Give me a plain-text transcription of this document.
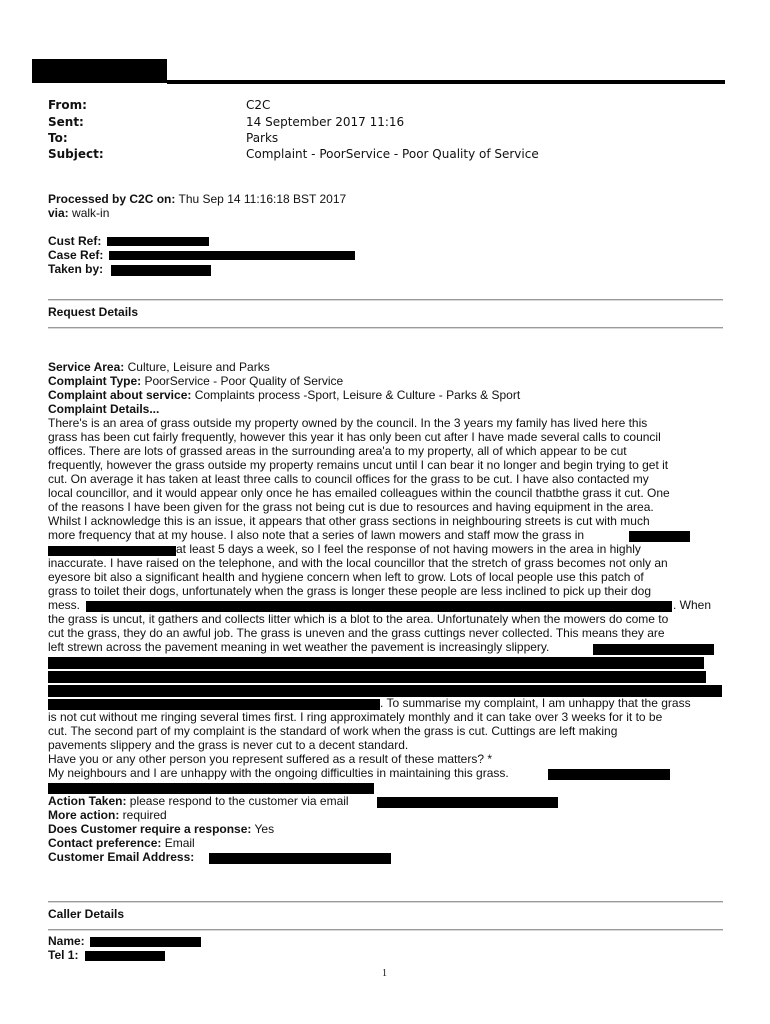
From:
Sent:
To:
Subject:
C2C
14 September 2017 11:16
Parks
Complaint - PoorService - Poor Quality of Service
Processed by C2C on: Thu Sep 14 11:16:18 BST 2017
via: walk-in
Cust Ref:
Case Ref:
Taken by:
Request Details
Service Area: Culture, Leisure and Parks
Complaint Type: PoorService - Poor Quality of Service
Complaint about service: Complaints process -Sport, Leisure & Culture - Parks & Sport
Complaint Details...
There's is an area of grass outside my property owned by the council. In the 3 years my family has lived here this
grass has been cut fairly frequently, however this year it has only been cut after I have made several calls to council
offices. There are lots of grassed areas in the surrounding area'a to my property, all of which appear to be cut
frequently, however the grass outside my property remains uncut until I can bear it no longer and begin trying to get it
cut. On average it has taken at least three calls to council offices for the grass to be cut. I have also contacted my
local councillor, and it would appear only once he has emailed colleagues within the council thatbthe grass it cut. One
of the reasons I have been given for the grass not being cut is due to resources and having equipment in the area.
Whilst I acknowledge this is an issue, it appears that other grass sections in neighbouring streets is cut with much
more frequency that at my house. I also note that a series of lawn mowers and staff mow the grass in
at least 5 days a week, so I feel the response of not having mowers in the area in highly
inaccurate. I have raised on the telephone, and with the local councillor that the stretch of grass becomes not only an
eyesore bit also a significant health and hygiene concern when left to grow. Lots of local people use this patch of
grass to toilet their dogs, unfortunately when the grass is longer these people are less inclined to pick up their dog
mess.	. When
the grass is uncut, it gathers and collects litter which is a blot to the area. Unfortunately when the mowers do come to
cut the grass, they do an awful job. The grass is uneven and the grass cuttings never collected. This means they are
left strewn across the pavement meaning in wet weather the pavement is increasingly slippery.
. To summarise my complaint, I am unhappy that the grass
is not cut without me ringing several times first. I ring approximately monthly and it can take over 3 weeks for it to be
cut. The second part of my complaint is the standard of work when the grass is cut. Cuttings are left making
pavements slippery and the grass is never cut to a decent standard.
Have you or any other person you represent suffered as a result of these matters? *
My neighbours and I are unhappy with the ongoing difficulties in maintaining this grass.
Action Taken: please respond to the customer via email
More action: required
Does Customer require a response: Yes
Contact preference: Email
Customer Email Address:
Caller Details
Name:
Tel 1:
1
